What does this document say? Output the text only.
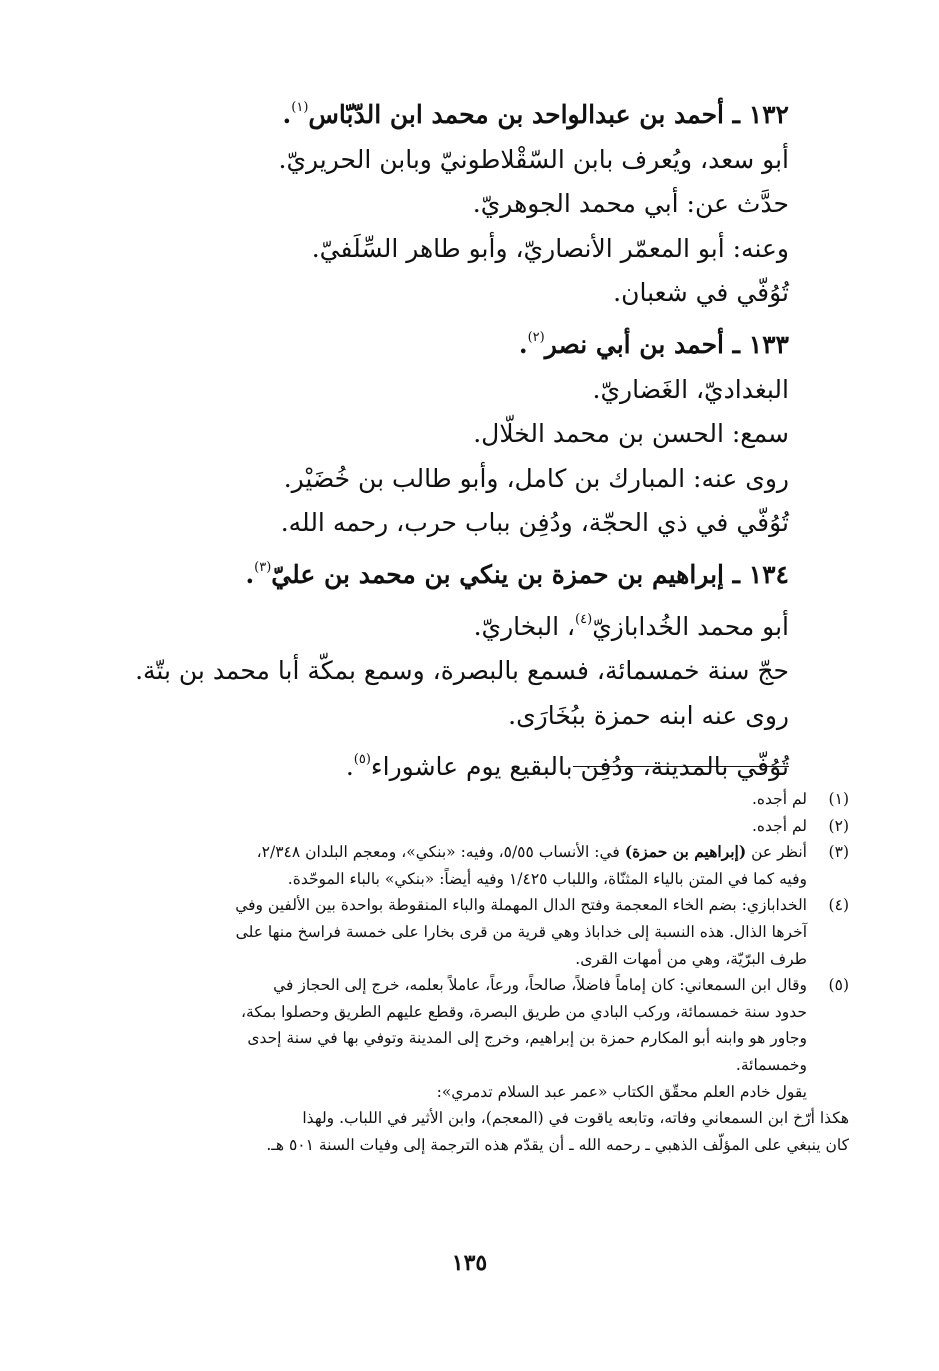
١٣٢ ـ أحمد بن عبدالواحد بن محمد ابن الدّبّاس$^{(١)}$.

أبو سعد، ويُعرف بابن السّقْلاطونيّ وبابن الحريريّ.

حدَّث عن: أبي محمد الجوهريّ.

وعنه: أبو المعمّر الأنصاريّ، وأبو طاهر السِّلَفيّ.

تُوُفّي في شعبان.

١٣٣ ـ أحمد بن أبي نصر$^{(٢)}$.

البغداديّ، الغَضاريّ.

سمع: الحسن بن محمد الخلّال.

روى عنه: المبارك بن كامل، وأبو طالب بن خُضَيْر.

تُوُفّي في ذي الحجّة، ودُفِن بباب حرب، رحمه الله.

١٣٤ ـ إبراهيم بن حمزة بن ينكي بن محمد بن عليّ$^{(٣)}$.

أبو محمد الخُدابازيّ$^{(٤)}$، البخاريّ.

حجّ سنة خمسمائة، فسمع بالبصرة، وسمع بمكّة أبا محمد بن بتّة.

روى عنه ابنه حمزة ببُخَارَى.

تُوُفّي بالمدينة، ودُفِن بالبقيع يوم عاشوراء$^{(٥)}$.

(١)

لم أجده.

(٢)

لم أجده.

(٣)

أنظر عن (إبراهيم بن حمزة) في: الأنساب ٥/٥٥، وفيه: «بنكي»، ومعجم البلدان ٢/٣٤٨،

وفيه كما في المتن بالياء المثنّاة، واللباب ١/٤٢٥ وفيه أيضاً: «بنكي» بالباء الموحّدة.

(٤)

الخدابازي: بضم الخاء المعجمة وفتح الدال المهملة والباء المنقوطة بواحدة بين الألفين وفي

آخرها الذال. هذه النسبة إلى خداباذ وهي قرية من قرى بخارا على خمسة فراسخ منها على

طرف البرّيّة، وهي من أمهات القرى.

(٥)

وقال ابن السمعاني: كان إماماً فاضلاً، صالحاً، ورعاً، عاملاً بعلمه، خرج إلى الحجاز في

حدود سنة خمسمائة، وركب البادي من طريق البصرة، وقطع عليهم الطريق وحصلوا بمكة،

وجاور هو وابنه أبو المكارم حمزة بن إبراهيم، وخرج إلى المدينة وتوفي بها في سنة إحدى

وخمسمائة.

يقول خادم العلم محقّق الكتاب «عمر عبد السلام تدمري»:

هكذا أرّخ ابن السمعاني وفاته، وتابعه ياقوت في (المعجم)، وابن الأثير في اللباب. ولهذا

كان ينبغي على المؤلّف الذهبي ـ رحمه الله ـ أن يقدّم هذه الترجمة إلى وفيات السنة ٥٠١ هـ.

١٣٥
